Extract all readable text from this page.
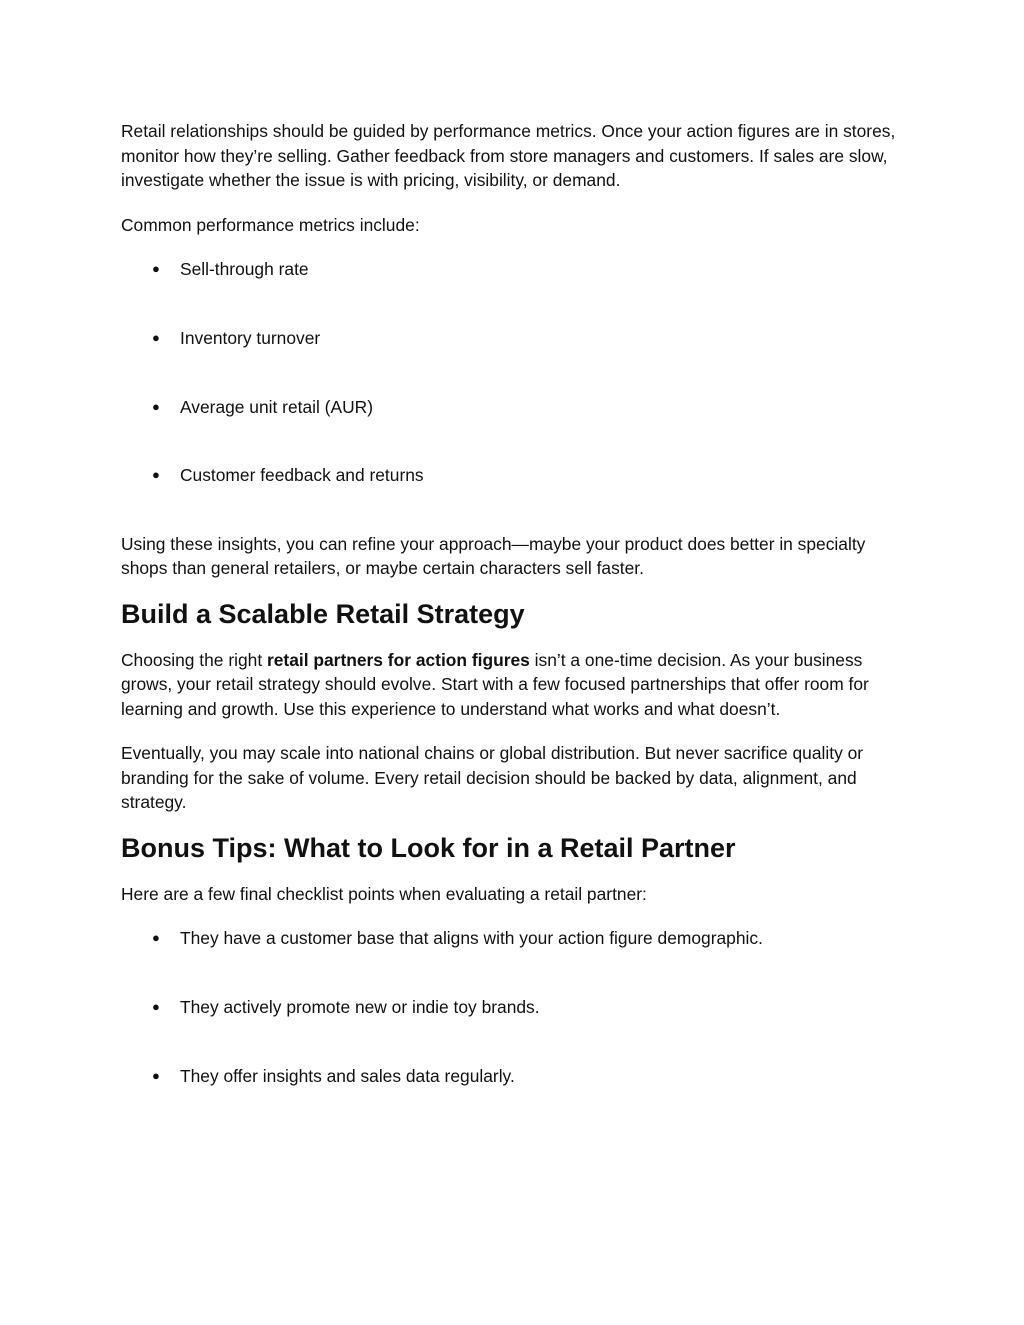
Retail relationships should be guided by performance metrics. Once your action figures are in stores, monitor how they’re selling. Gather feedback from store managers and customers. If sales are slow, investigate whether the issue is with pricing, visibility, or demand.

Common performance metrics include:

● Sell-through rate
● Inventory turnover
● Average unit retail (AUR)
● Customer feedback and returns

Using these insights, you can refine your approach—maybe your product does better in specialty shops than general retailers, or maybe certain characters sell faster.

Build a Scalable Retail Strategy

Choosing the right retail partners for action figures isn’t a one-time decision. As your business grows, your retail strategy should evolve. Start with a few focused partnerships that offer room for learning and growth. Use this experience to understand what works and what doesn’t.

Eventually, you may scale into national chains or global distribution. But never sacrifice quality or branding for the sake of volume. Every retail decision should be backed by data, alignment, and strategy.

Bonus Tips: What to Look for in a Retail Partner

Here are a few final checklist points when evaluating a retail partner:

● They have a customer base that aligns with your action figure demographic.
● They actively promote new or indie toy brands.
● They offer insights and sales data regularly.
